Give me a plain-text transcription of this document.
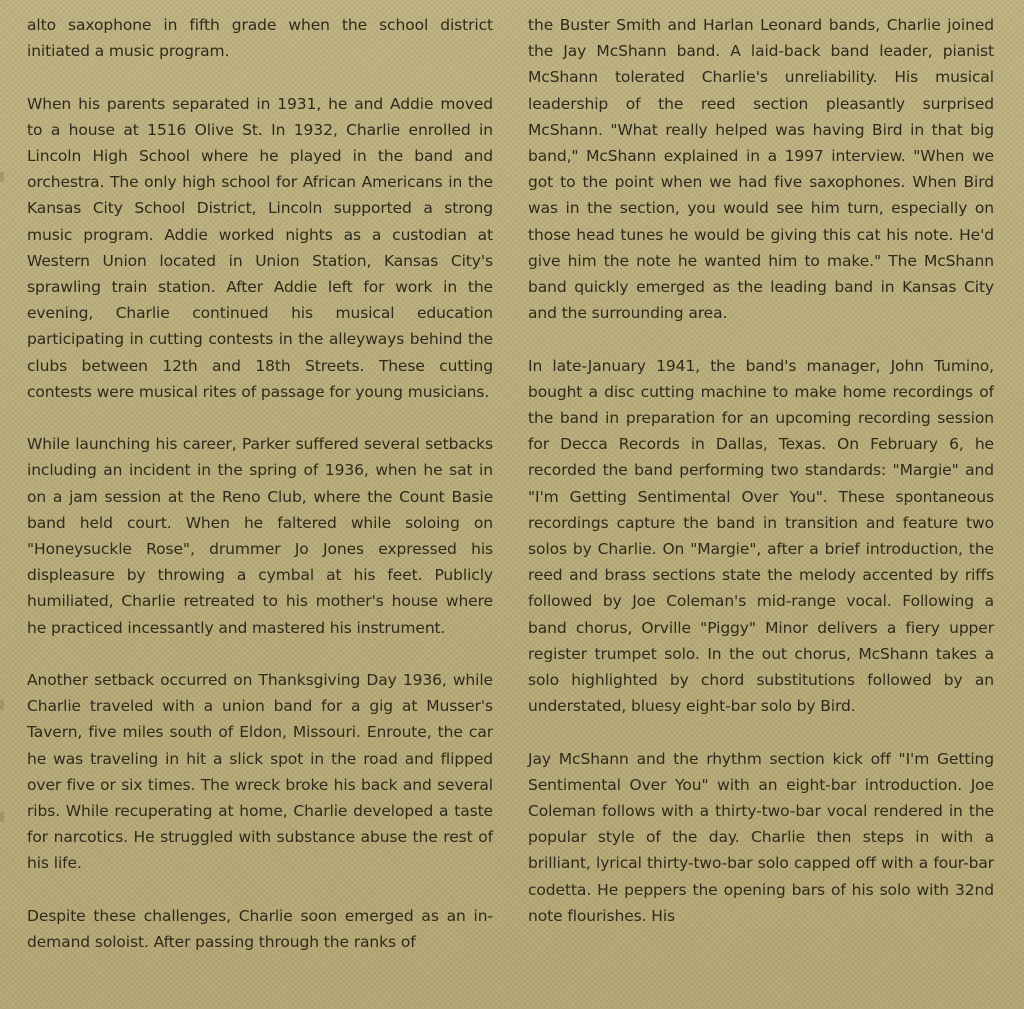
alto saxophone in fifth grade when the school district initiated a music program.

When his parents separated in 1931, he and Addie moved to a house at 1516 Olive St. In 1932, Charlie enrolled in Lincoln High School where he played in the band and orchestra. The only high school for African Americans in the Kansas City School District, Lincoln supported a strong music program. Addie worked nights as a custodian at Western Union located in Union Station, Kansas City's sprawling train station. After Addie left for work in the evening, Charlie continued his musical education participating in cutting contests in the alleyways behind the clubs between 12th and 18th Streets. These cutting contests were musical rites of passage for young musicians.

While launching his career, Parker suffered several setbacks including an incident in the spring of 1936, when he sat in on a jam session at the Reno Club, where the Count Basie band held court. When he faltered while soloing on "Honeysuckle Rose", drummer Jo Jones expressed his displeasure by throwing a cymbal at his feet. Publicly humiliated, Charlie retreated to his mother's house where he practiced incessantly and mastered his instrument.

Another setback occurred on Thanksgiving Day 1936, while Charlie traveled with a union band for a gig at Musser's Tavern, five miles south of Eldon, Missouri. Enroute, the car he was traveling in hit a slick spot in the road and flipped over five or six times. The wreck broke his back and several ribs. While recuperating at home, Charlie developed a taste for narcotics. He struggled with substance abuse the rest of his life.

Despite these challenges, Charlie soon emerged as an in-demand soloist. After passing through the ranks of

the Buster Smith and Harlan Leonard bands, Charlie joined the Jay McShann band. A laid-back band leader, pianist McShann tolerated Charlie's unreliability. His musical leadership of the reed section pleasantly surprised McShann. "What really helped was having Bird in that big band," McShann explained in a 1997 interview. "When we got to the point when we had five saxophones. When Bird was in the section, you would see him turn, especially on those head tunes he would be giving this cat his note. He'd give him the note he wanted him to make." The McShann band quickly emerged as the leading band in Kansas City and the surrounding area.

In late-January 1941, the band's manager, John Tumino, bought a disc cutting machine to make home recordings of the band in preparation for an upcoming recording session for Decca Records in Dallas, Texas. On February 6, he recorded the band performing two standards: "Margie" and "I'm Getting Sentimental Over You". These spontaneous recordings capture the band in transition and feature two solos by Charlie. On "Margie", after a brief introduction, the reed and brass sections state the melody accented by riffs followed by Joe Coleman's mid-range vocal. Following a band chorus, Orville "Piggy" Minor delivers a fiery upper register trumpet solo. In the out chorus, McShann takes a solo highlighted by chord substitutions followed by an understated, bluesy eight-bar solo by Bird.

Jay McShann and the rhythm section kick off "I'm Getting Sentimental Over You" with an eight-bar introduction. Joe Coleman follows with a thirty-two-bar vocal rendered in the popular style of the day. Charlie then steps in with a brilliant, lyrical thirty-two-bar solo capped off with a four-bar codetta. He peppers the opening bars of his solo with 32nd note flourishes. His
